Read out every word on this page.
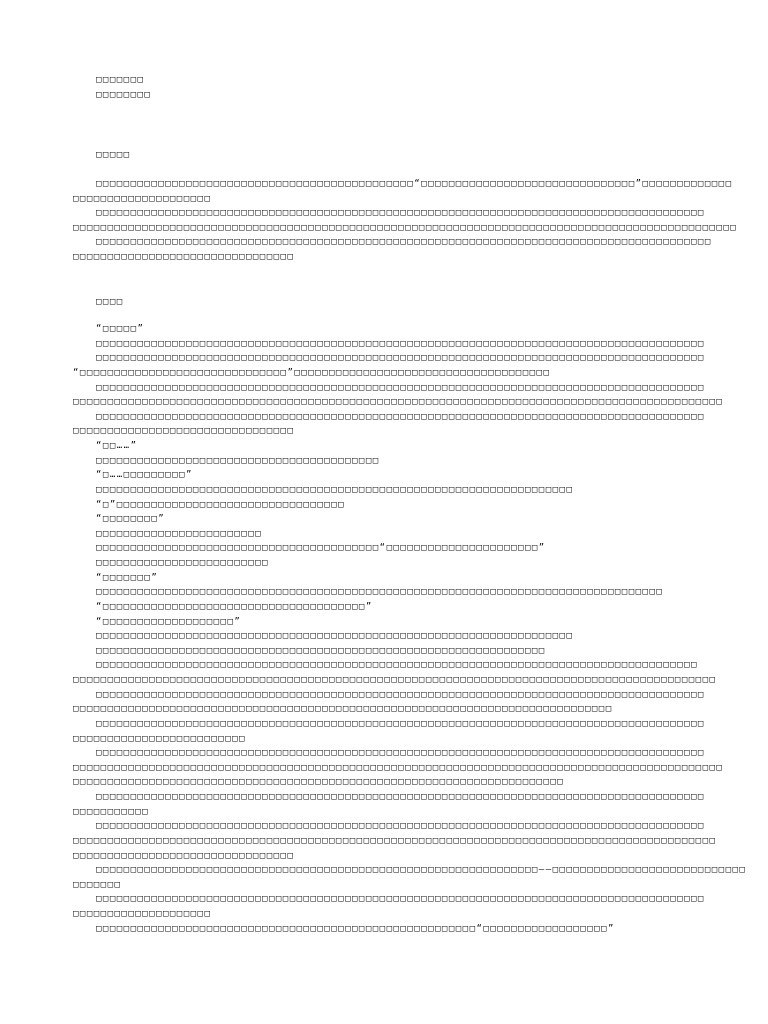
□□□□□□□
□□□□□□□□
□□□□□
□□□□□□□□□□□□□□□□□□□□□□□□□□□□□□□□□□□□□□□□□□□□□□“□□□□□□□□□□□□□□□□□□□□□□□□□□□□□□□”□□□□□□□□□□□□□
□□□□□□□□□□□□□□□□□□□□
□□□□□□□□□□□□□□□□□□□□□□□□□□□□□□□□□□□□□□□□□□□□□□□□□□□□□□□□□□□□□□□□□□□□□□□□□□□□□□□□□□□□□□□□
□□□□□□□□□□□□□□□□□□□□□□□□□□□□□□□□□□□□□□□□□□□□□□□□□□□□□□□□□□□□□□□□□□□□□□□□□□□□□□□□□□□□□□□□□□□□□□□□
□□□□□□□□□□□□□□□□□□□□□□□□□□□□□□□□□□□□□□□□□□□□□□□□□□□□□□□□□□□□□□□□□□□□□□□□□□□□□□□□□□□□□□□□□
□□□□□□□□□□□□□□□□□□□□□□□□□□□□□□□□
□□□□
“□□□□□”
□□□□□□□□□□□□□□□□□□□□□□□□□□□□□□□□□□□□□□□□□□□□□□□□□□□□□□□□□□□□□□□□□□□□□□□□□□□□□□□□□□□□□□□□
□□□□□□□□□□□□□□□□□□□□□□□□□□□□□□□□□□□□□□□□□□□□□□□□□□□□□□□□□□□□□□□□□□□□□□□□□□□□□□□□□□□□□□□□
“□□□□□□□□□□□□□□□□□□□□□□□□□□□□□□”□□□□□□□□□□□□□□□□□□□□□□□□□□□□□□□□□□□□□
□□□□□□□□□□□□□□□□□□□□□□□□□□□□□□□□□□□□□□□□□□□□□□□□□□□□□□□□□□□□□□□□□□□□□□□□□□□□□□□□□□□□□□□□
□□□□□□□□□□□□□□□□□□□□□□□□□□□□□□□□□□□□□□□□□□□□□□□□□□□□□□□□□□□□□□□□□□□□□□□□□□□□□□□□□□□□□□□□□□□□□□
□□□□□□□□□□□□□□□□□□□□□□□□□□□□□□□□□□□□□□□□□□□□□□□□□□□□□□□□□□□□□□□□□□□□□□□□□□□□□□□□□□□□□□□□
□□□□□□□□□□□□□□□□□□□□□□□□□□□□□□□□
“□□……”
□□□□□□□□□□□□□□□□□□□□□□□□□□□□□□□□□□□□□□□□□
“□……□□□□□□□□□”
□□□□□□□□□□□□□□□□□□□□□□□□□□□□□□□□□□□□□□□□□□□□□□□□□□□□□□□□□□□□□□□□□□□□□
“□”□□□□□□□□□□□□□□□□□□□□□□□□□□□□□□□□□
“□□□□□□□□”
□□□□□□□□□□□□□□□□□□□□□□□□
□□□□□□□□□□□□□□□□□□□□□□□□□□□□□□□□□□□□□□□□□“□□□□□□□□□□□□□□□□□□□□□□”
□□□□□□□□□□□□□□□□□□□□□□□□□
“□□□□□□□”
□□□□□□□□□□□□□□□□□□□□□□□□□□□□□□□□□□□□□□□□□□□□□□□□□□□□□□□□□□□□□□□□□□□□□□□□□□□□□□□□□□
“□□□□□□□□□□□□□□□□□□□□□□□□□□□□□□□□□□□□□□”
“□□□□□□□□□□□□□□□□□□□”
□□□□□□□□□□□□□□□□□□□□□□□□□□□□□□□□□□□□□□□□□□□□□□□□□□□□□□□□□□□□□□□□□□□□□
□□□□□□□□□□□□□□□□□□□□□□□□□□□□□□□□□□□□□□□□□□□□□□□□□□□□□□□□□□□□□□□□□
□□□□□□□□□□□□□□□□□□□□□□□□□□□□□□□□□□□□□□□□□□□□□□□□□□□□□□□□□□□□□□□□□□□□□□□□□□□□□□□□□□□□□□□
□□□□□□□□□□□□□□□□□□□□□□□□□□□□□□□□□□□□□□□□□□□□□□□□□□□□□□□□□□□□□□□□□□□□□□□□□□□□□□□□□□□□□□□□□□□□□
□□□□□□□□□□□□□□□□□□□□□□□□□□□□□□□□□□□□□□□□□□□□□□□□□□□□□□□□□□□□□□□□□□□□□□□□□□□□□□□□□□□□□□□□
□□□□□□□□□□□□□□□□□□□□□□□□□□□□□□□□□□□□□□□□□□□□□□□□□□□□□□□□□□□□□□□□□□□□□□□□□□□□□□
□□□□□□□□□□□□□□□□□□□□□□□□□□□□□□□□□□□□□□□□□□□□□□□□□□□□□□□□□□□□□□□□□□□□□□□□□□□□□□□□□□□□□□□□
□□□□□□□□□□□□□□□□□□□□□□□□□
□□□□□□□□□□□□□□□□□□□□□□□□□□□□□□□□□□□□□□□□□□□□□□□□□□□□□□□□□□□□□□□□□□□□□□□□□□□□□□□□□□□□□□□□
□□□□□□□□□□□□□□□□□□□□□□□□□□□□□□□□□□□□□□□□□□□□□□□□□□□□□□□□□□□□□□□□□□□□□□□□□□□□□□□□□□□□□□□□□□□□□□
□□□□□□□□□□□□□□□□□□□□□□□□□□□□□□□□□□□□□□□□□□□□□□□□□□□□□□□□□□□□□□□□□□□□□□□
□□□□□□□□□□□□□□□□□□□□□□□□□□□□□□□□□□□□□□□□□□□□□□□□□□□□□□□□□□□□□□□□□□□□□□□□□□□□□□□□□□□□□□□□
□□□□□□□□□□□
□□□□□□□□□□□□□□□□□□□□□□□□□□□□□□□□□□□□□□□□□□□□□□□□□□□□□□□□□□□□□□□□□□□□□□□□□□□□□□□□□□□□□□□□
□□□□□□□□□□□□□□□□□□□□□□□□□□□□□□□□□□□□□□□□□□□□□□□□□□□□□□□□□□□□□□□□□□□□□□□□□□□□□□□□□□□□□□□□□□□□□
□□□□□□□□□□□□□□□□□□□□□□□□□□□□□□□□
□□□□□□□□□□□□□□□□□□□□□□□□□□□□□□□□□□□□□□□□□□□□□□□□□□□□□□□□□□□□□□□□——□□□□□□□□□□□□□□□□□□□□□□□□□□□□
□□□□□□□
□□□□□□□□□□□□□□□□□□□□□□□□□□□□□□□□□□□□□□□□□□□□□□□□□□□□□□□□□□□□□□□□□□□□□□□□□□□□□□□□□□□□□□□□
□□□□□□□□□□□□□□□□□□□□
□□□□□□□□□□□□□□□□□□□□□□□□□□□□□□□□□□□□□□□□□□□□□□□□□□□□□□□“□□□□□□□□□□□□□□□□□□”
